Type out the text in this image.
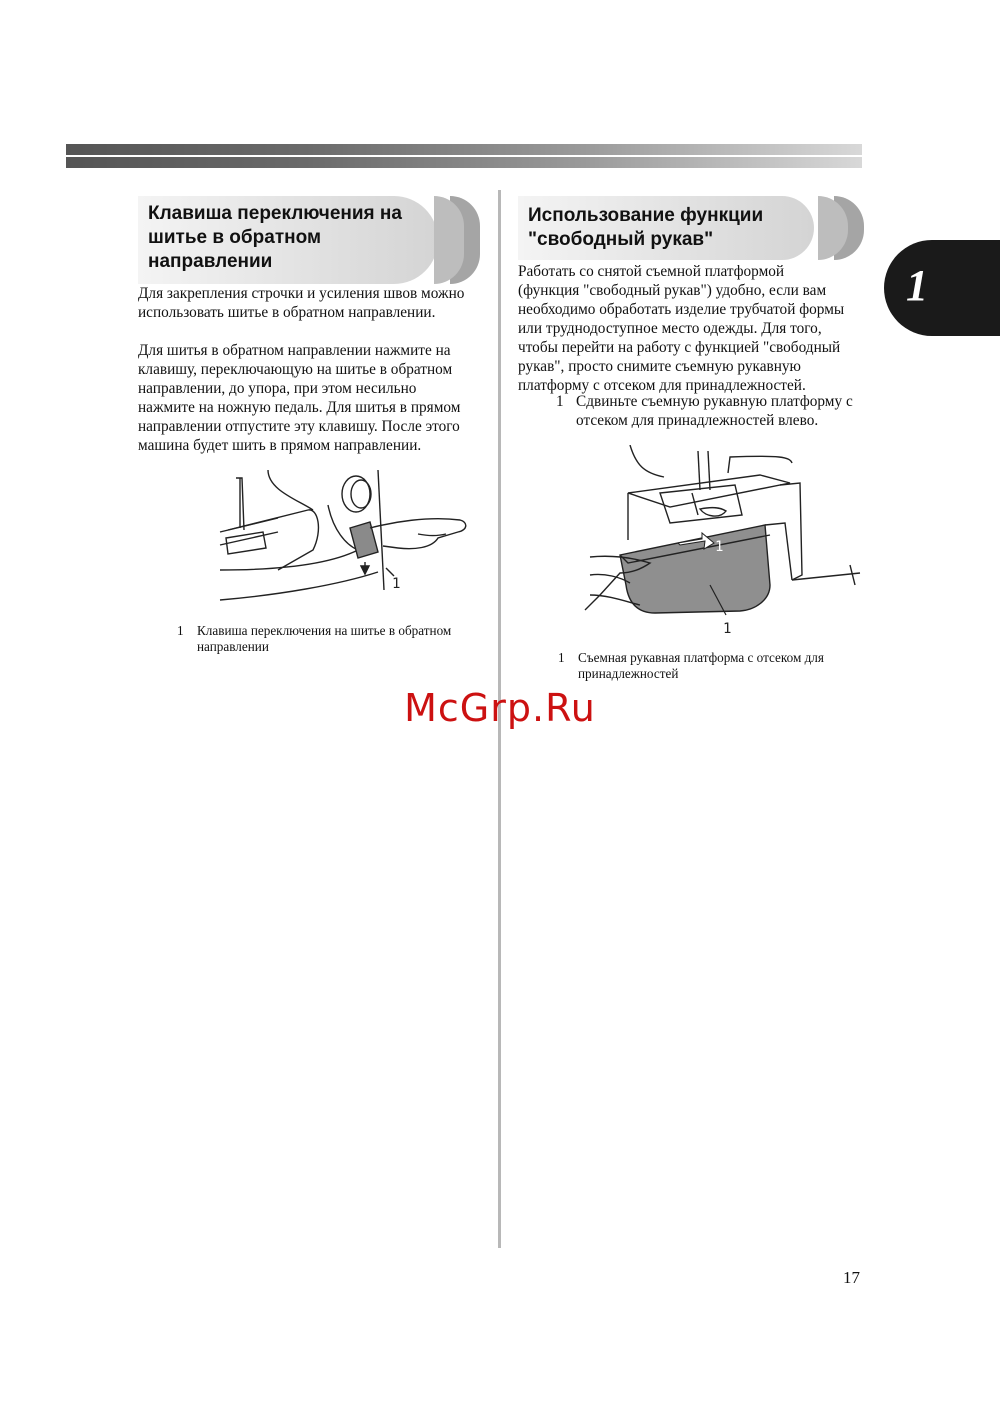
1
Клавиша переключения на
шитье в обратном
направлении

Для закрепления строчки и усиления швов можно
использовать шитье в обратном направлении.

Для шитья в обратном направлении нажмите на
клавишу, переключающую на шитье в обратном
направлении, до упора, при этом несильно
нажмите на ножную педаль. Для шитья в прямом
направлении отпустите эту клавишу. После этого
машина будет шить в прямом направлении.

1
1 Клавиша переключения на шитье в обратном
направлении
Использование функции
"свободный рукав"

Работать со снятой съемной платформой
(функция "свободный рукав") удобно, если вам
необходимо обработать изделие трубчатой формы
или труднодоступное место одежды. Для того,
чтобы перейти на работу с функцией "свободный
рукав", просто снимите съемную рукавную
платформу с отсеком для принадлежностей.

1 Сдвиньте съемную рукавную платформу с
отсеком для принадлежностей влево.
1
1
1 Съемная рукавная платформа с отсеком для
принадлежностей
McGrp.Ru
17
